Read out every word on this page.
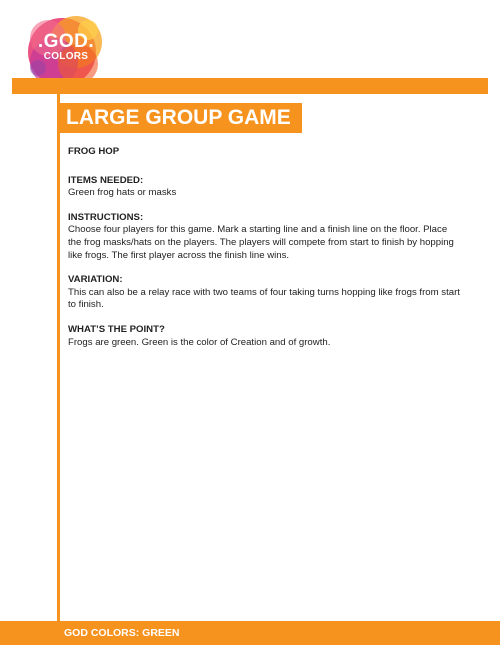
.GOD.
COLORS
LARGE GROUP GAME

FROG HOP

ITEMS NEEDED:

Green frog hats or masks

INSTRUCTIONS:

Choose four players for this game. Mark a starting line and a finish line on the floor. Place the frog masks/hats on the players. The players will compete from start to finish by hopping like frogs. The first player across the finish line wins.

VARIATION:

This can also be a relay race with two teams of four taking turns hopping like frogs from start to finish.

WHAT’S THE POINT?

Frogs are green. Green is the color of Creation and of growth.

GOD COLORS: GREEN
